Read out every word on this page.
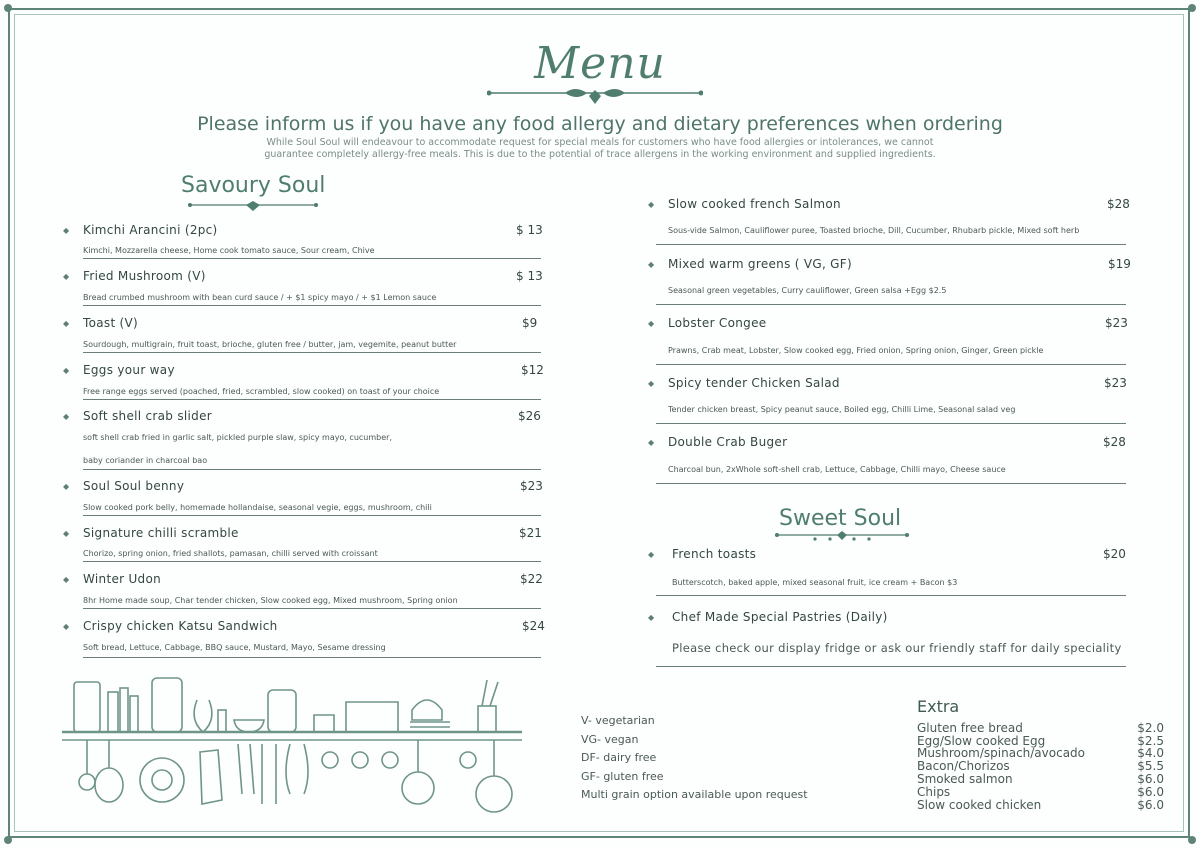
Menu
Please inform us if you have any food allergy and dietary preferences when ordering
While Soul Soul will endeavour to accommodate request for special meals for customers who have food allergies or intolerances, we cannot
guarantee completely allergy-free meals. This is due to the potential of trace allergens in the working environment and supplied ingredients.
Savoury Soul
◆ Kimchi Arancini (2pc)	$ 13
Kimchi, Mozzarella cheese, Home cook tomato sauce, Sour cream, Chive
◆ Fried Mushroom (V)	$ 13
Bread crumbed mushroom with bean curd sauce / + $1 spicy mayo / + $1 Lemon sauce
◆ Toast (V)	$9
Sourdough, multigrain, fruit toast, brioche, gluten free / butter, jam, vegemite, peanut butter
◆ Eggs your way	$12
Free range eggs served (poached, fried, scrambled, slow cooked) on toast of your choice
◆ Soft shell crab slider	$26
soft shell crab fried in garlic salt, pickled purple slaw, spicy mayo, cucumber,
baby coriander in charcoal bao
◆ Soul Soul benny	$23
Slow cooked pork belly, homemade hollandaise, seasonal vegie, eggs, mushroom, chili
◆ Signature chilli scramble	$21
Chorizo, spring onion, fried shallots, pamasan, chilli served with croissant
◆ Winter Udon	$22
8hr Home made soup, Char tender chicken, Slow cooked egg, Mixed mushroom, Spring onion
◆ Crispy chicken Katsu Sandwich	$24
Soft bread, Lettuce, Cabbage, BBQ sauce, Mustard, Mayo, Sesame dressing
◆ Slow cooked french Salmon	$28
Sous-vide Salmon, Cauliflower puree, Toasted brioche, Dill, Cucumber, Rhubarb pickle, Mixed soft herb
◆ Mixed warm greens ( VG, GF)	$19
Seasonal green vegetables, Curry cauliflower, Green salsa +Egg $2.5
◆ Lobster Congee	$23
Prawns, Crab meat, Lobster, Slow cooked egg, Fried onion, Spring onion, Ginger, Green pickle
◆ Spicy tender Chicken Salad	$23
Tender chicken breast, Spicy peanut sauce, Boiled egg, Chilli Lime, Seasonal salad veg
◆ Double Crab Buger	$28
Charcoal bun, 2xWhole soft-shell crab, Lettuce, Cabbage, Chilli mayo, Cheese sauce
Sweet Soul
◆ French toasts	$20
Butterscotch, baked apple, mixed seasonal fruit, ice cream + Bacon $3
◆ Chef Made Special Pastries (Daily)
Please check our display fridge or ask our friendly staff for daily speciality
V- vegetarian
VG- vegan
DF- dairy free
GF- gluten free
Multi grain option available upon request
Extra
Gluten free bread	$2.0
Egg/Slow cooked Egg	$2.5
Mushroom/spinach/avocado	$4.0
Bacon/Chorizos	$5.5
Smoked salmon	$6.0
Chips	$6.0
Slow cooked chicken	$6.0
